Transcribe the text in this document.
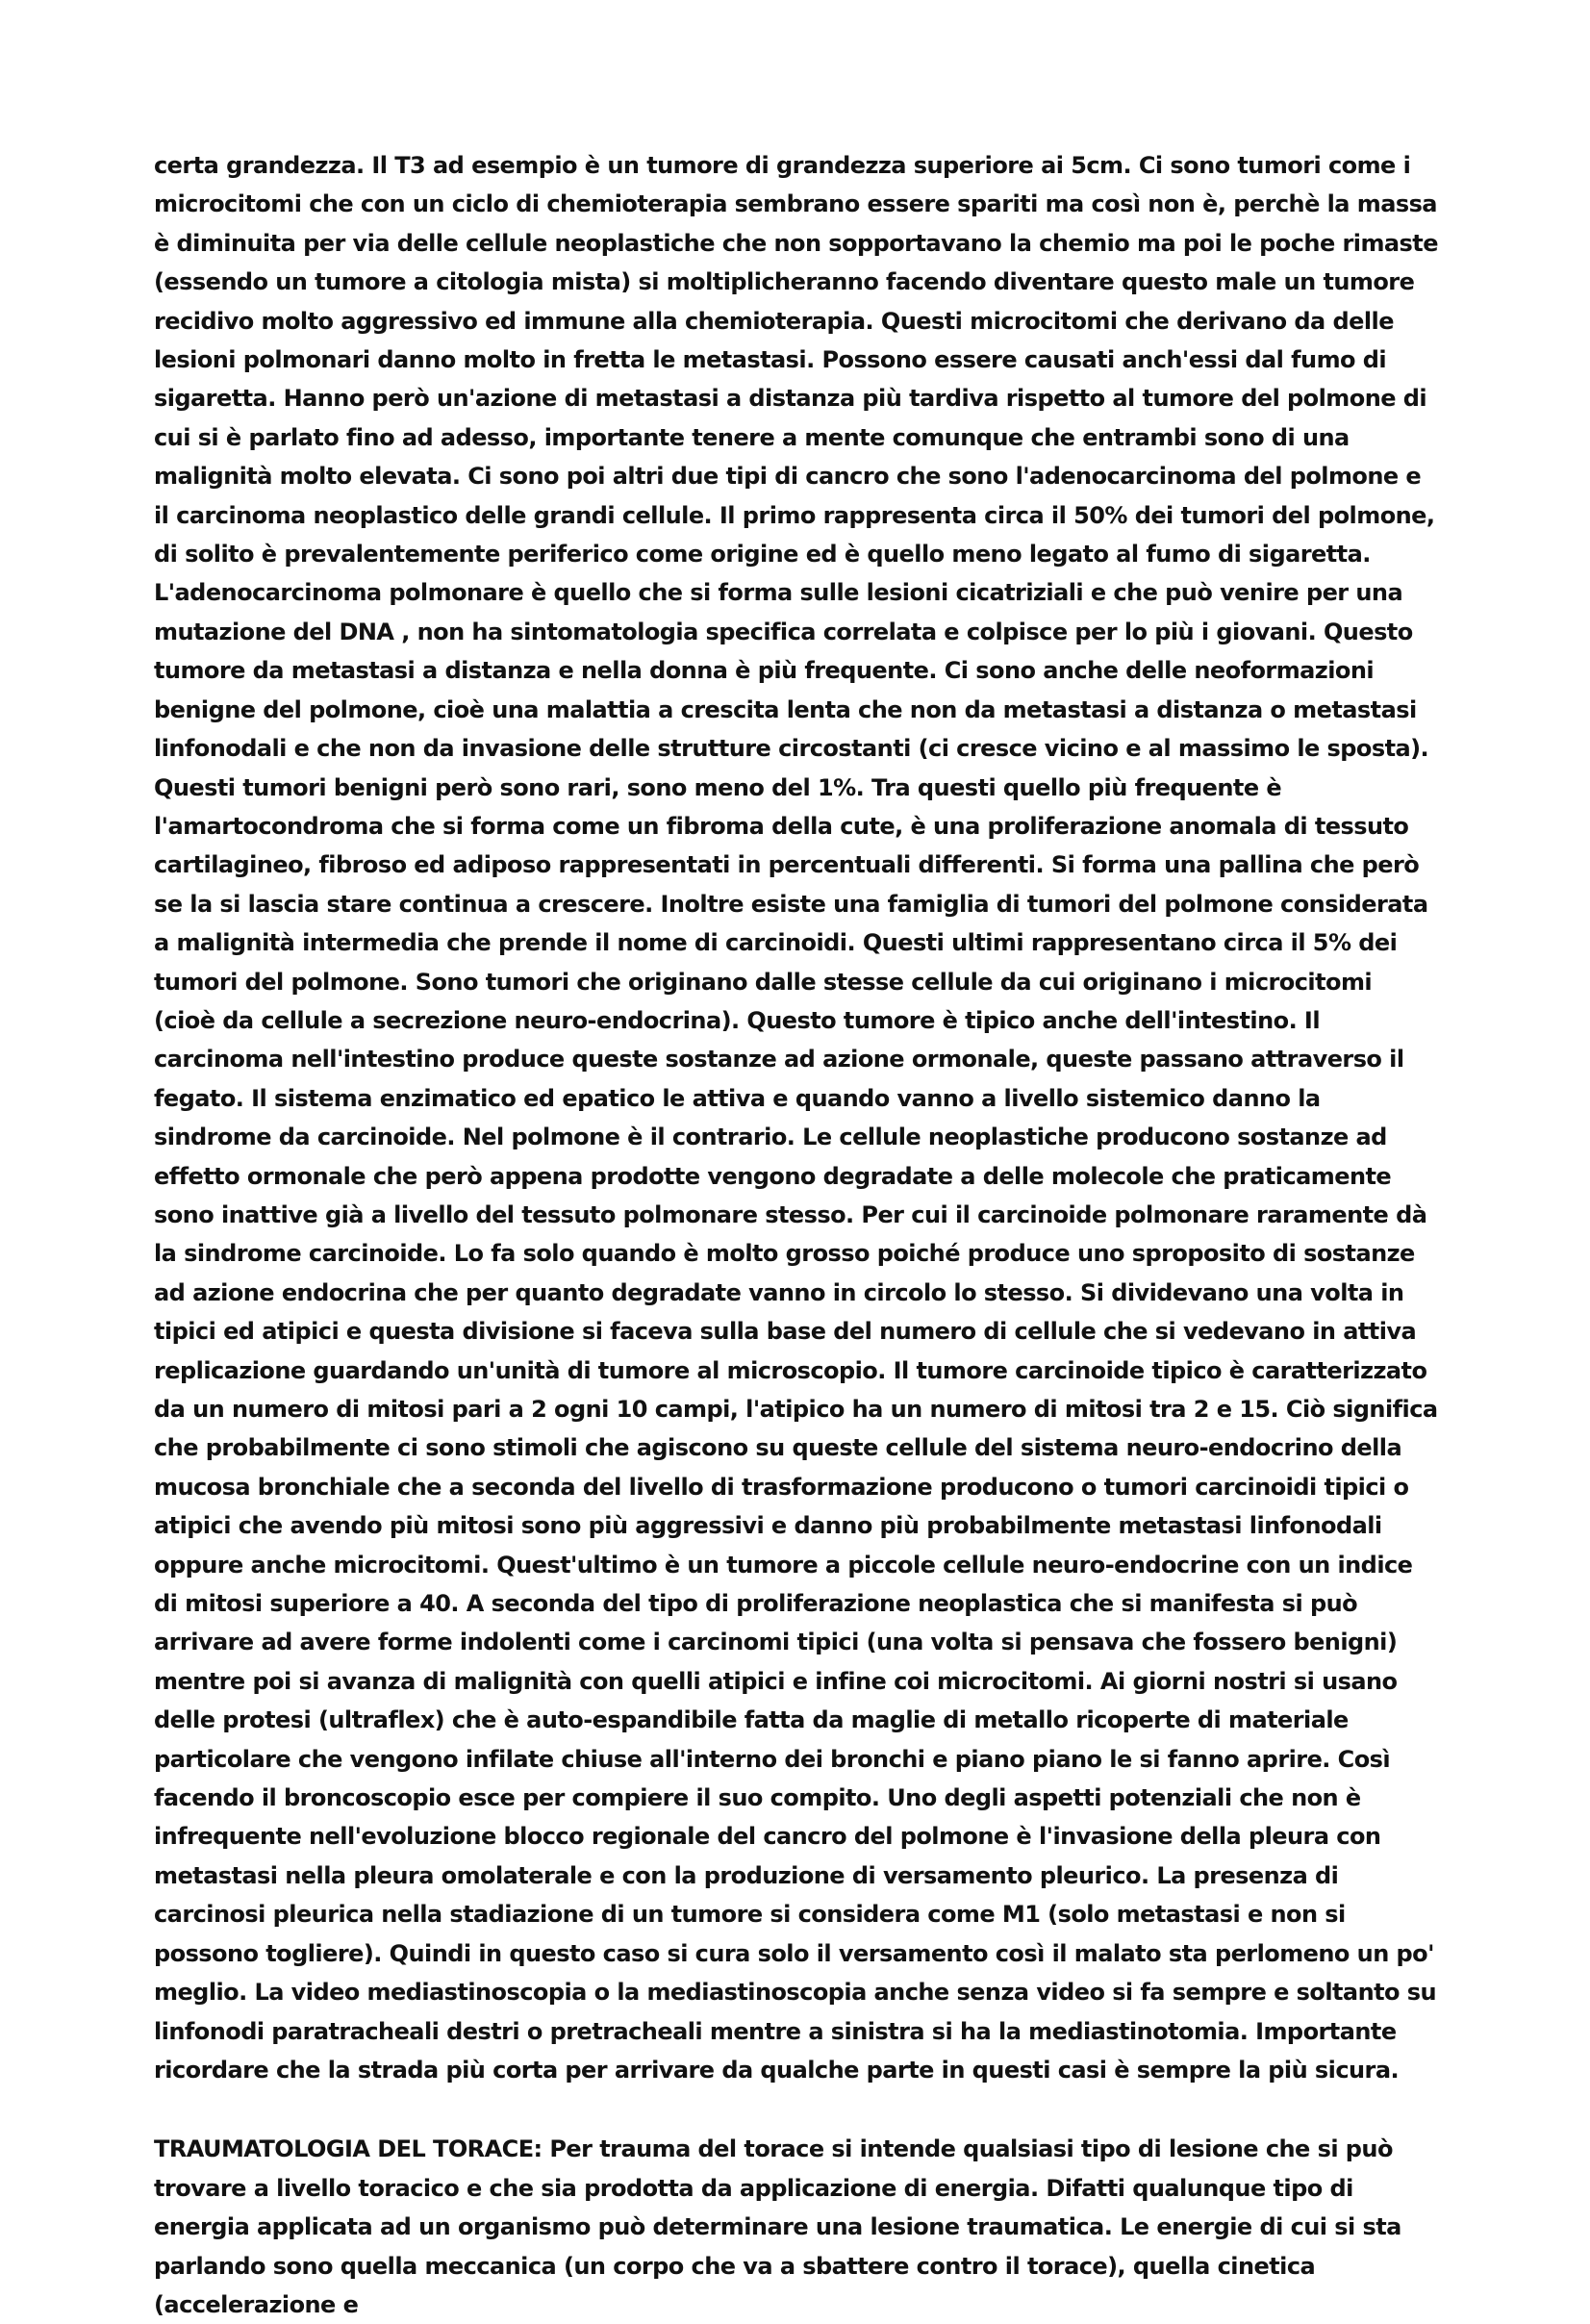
certa grandezza. Il T3 ad esempio è un tumore di grandezza superiore ai 5cm. Ci sono tumori come i microcitomi che con un ciclo di chemioterapia sembrano essere spariti ma così non è, perchè la massa è diminuita per via delle cellule neoplastiche che non sopportavano la chemio ma poi le poche rimaste (essendo un tumore a citologia mista) si moltiplicheranno facendo diventare questo male un tumore recidivo molto aggressivo ed immune alla chemioterapia. Questi microcitomi che derivano da delle lesioni polmonari danno molto in fretta le metastasi. Possono essere causati anch'essi dal fumo di sigaretta. Hanno però un'azione di metastasi a distanza più tardiva rispetto al tumore del polmone di cui si è parlato fino ad adesso, importante tenere a mente comunque che entrambi sono di una malignità molto elevata. Ci sono poi altri due tipi di cancro che sono l'adenocarcinoma del polmone e il carcinoma neoplastico delle grandi cellule. Il primo rappresenta circa il 50% dei tumori del polmone, di solito è prevalentemente periferico come origine ed è quello meno legato al fumo di sigaretta. L'adenocarcinoma polmonare è quello che si forma sulle lesioni cicatriziali e che può venire per una mutazione del DNA , non ha sintomatologia specifica correlata e colpisce per lo più i giovani. Questo tumore da metastasi a distanza e nella donna è più frequente. Ci sono anche delle neoformazioni benigne del polmone, cioè una malattia a crescita lenta che non da metastasi a distanza o metastasi linfonodali e che non da invasione delle strutture circostanti (ci cresce vicino e al massimo le sposta). Questi tumori benigni però sono rari, sono meno del 1%. Tra questi quello più frequente è l'amartocondroma che si forma come un fibroma della cute, è una proliferazione anomala di tessuto cartilagineo, fibroso ed adiposo rappresentati in percentuali differenti. Si forma una pallina che però se la si lascia stare continua a crescere. Inoltre esiste una famiglia di tumori del polmone considerata a malignità intermedia che prende il nome di carcinoidi. Questi ultimi rappresentano circa il 5% dei tumori del polmone. Sono tumori che originano dalle stesse cellule da cui originano i microcitomi (cioè da cellule a secrezione neuro-endocrina). Questo tumore è tipico anche dell'intestino. Il carcinoma nell'intestino produce queste sostanze ad azione ormonale, queste passano attraverso il fegato. Il sistema enzimatico ed epatico le attiva e quando vanno a livello sistemico danno la sindrome da carcinoide. Nel polmone è il contrario. Le cellule neoplastiche producono sostanze ad effetto ormonale che però appena prodotte vengono degradate a delle molecole che praticamente sono inattive già a livello del tessuto polmonare stesso. Per cui il carcinoide polmonare raramente dà la sindrome carcinoide. Lo fa solo quando è molto grosso poiché produce uno sproposito di sostanze ad azione endocrina che per quanto degradate vanno in circolo lo stesso. Si dividevano una volta in tipici ed atipici e questa divisione si faceva sulla base del numero di cellule che si vedevano in attiva replicazione guardando un'unità di tumore al microscopio. Il tumore carcinoide tipico è caratterizzato da un numero di mitosi pari a 2 ogni 10 campi, l'atipico ha un numero di mitosi tra 2 e 15. Ciò significa che probabilmente ci sono stimoli che agiscono su queste cellule del sistema neuro-endocrino della mucosa bronchiale che a seconda del livello di trasformazione producono o tumori carcinoidi tipici o atipici che avendo più mitosi sono più aggressivi e danno più probabilmente metastasi linfonodali oppure anche microcitomi. Quest'ultimo è un tumore a piccole cellule neuro-endocrine con un indice di mitosi superiore a 40. A seconda del tipo di proliferazione neoplastica che si manifesta si può arrivare ad avere forme indolenti come i carcinomi tipici (una volta si pensava che fossero benigni) mentre poi si avanza di malignità con quelli atipici e infine coi microcitomi. Ai giorni nostri si usano delle protesi (ultraflex) che è auto-espandibile fatta da maglie di metallo ricoperte di materiale particolare che vengono infilate chiuse all'interno dei bronchi e piano piano le si fanno aprire. Così facendo il broncoscopio esce per compiere il suo compito. Uno degli aspetti potenziali che non è infrequente nell'evoluzione blocco regionale del cancro del polmone è l'invasione della pleura con metastasi nella pleura omolaterale e con la produzione di versamento pleurico. La presenza di carcinosi pleurica nella stadiazione di un tumore si considera come M1 (solo metastasi e non si possono togliere). Quindi in questo caso si cura solo il versamento così il malato sta perlomeno un po' meglio. La video mediastinoscopia o la mediastinoscopia anche senza video si fa sempre e soltanto su linfonodi paratracheali destri o pretracheali mentre a sinistra si ha la mediastinotomia. Importante ricordare che la strada più corta per arrivare da qualche parte in questi casi è sempre la più sicura.

TRAUMATOLOGIA DEL TORACE: Per trauma del torace si intende qualsiasi tipo di lesione che si può trovare a livello toracico e che sia prodotta da applicazione di energia. Difatti qualunque tipo di energia applicata ad un organismo può determinare una lesione traumatica. Le energie di cui si sta parlando sono quella meccanica (un corpo che va a sbattere contro il torace), quella cinetica (accelerazione e
